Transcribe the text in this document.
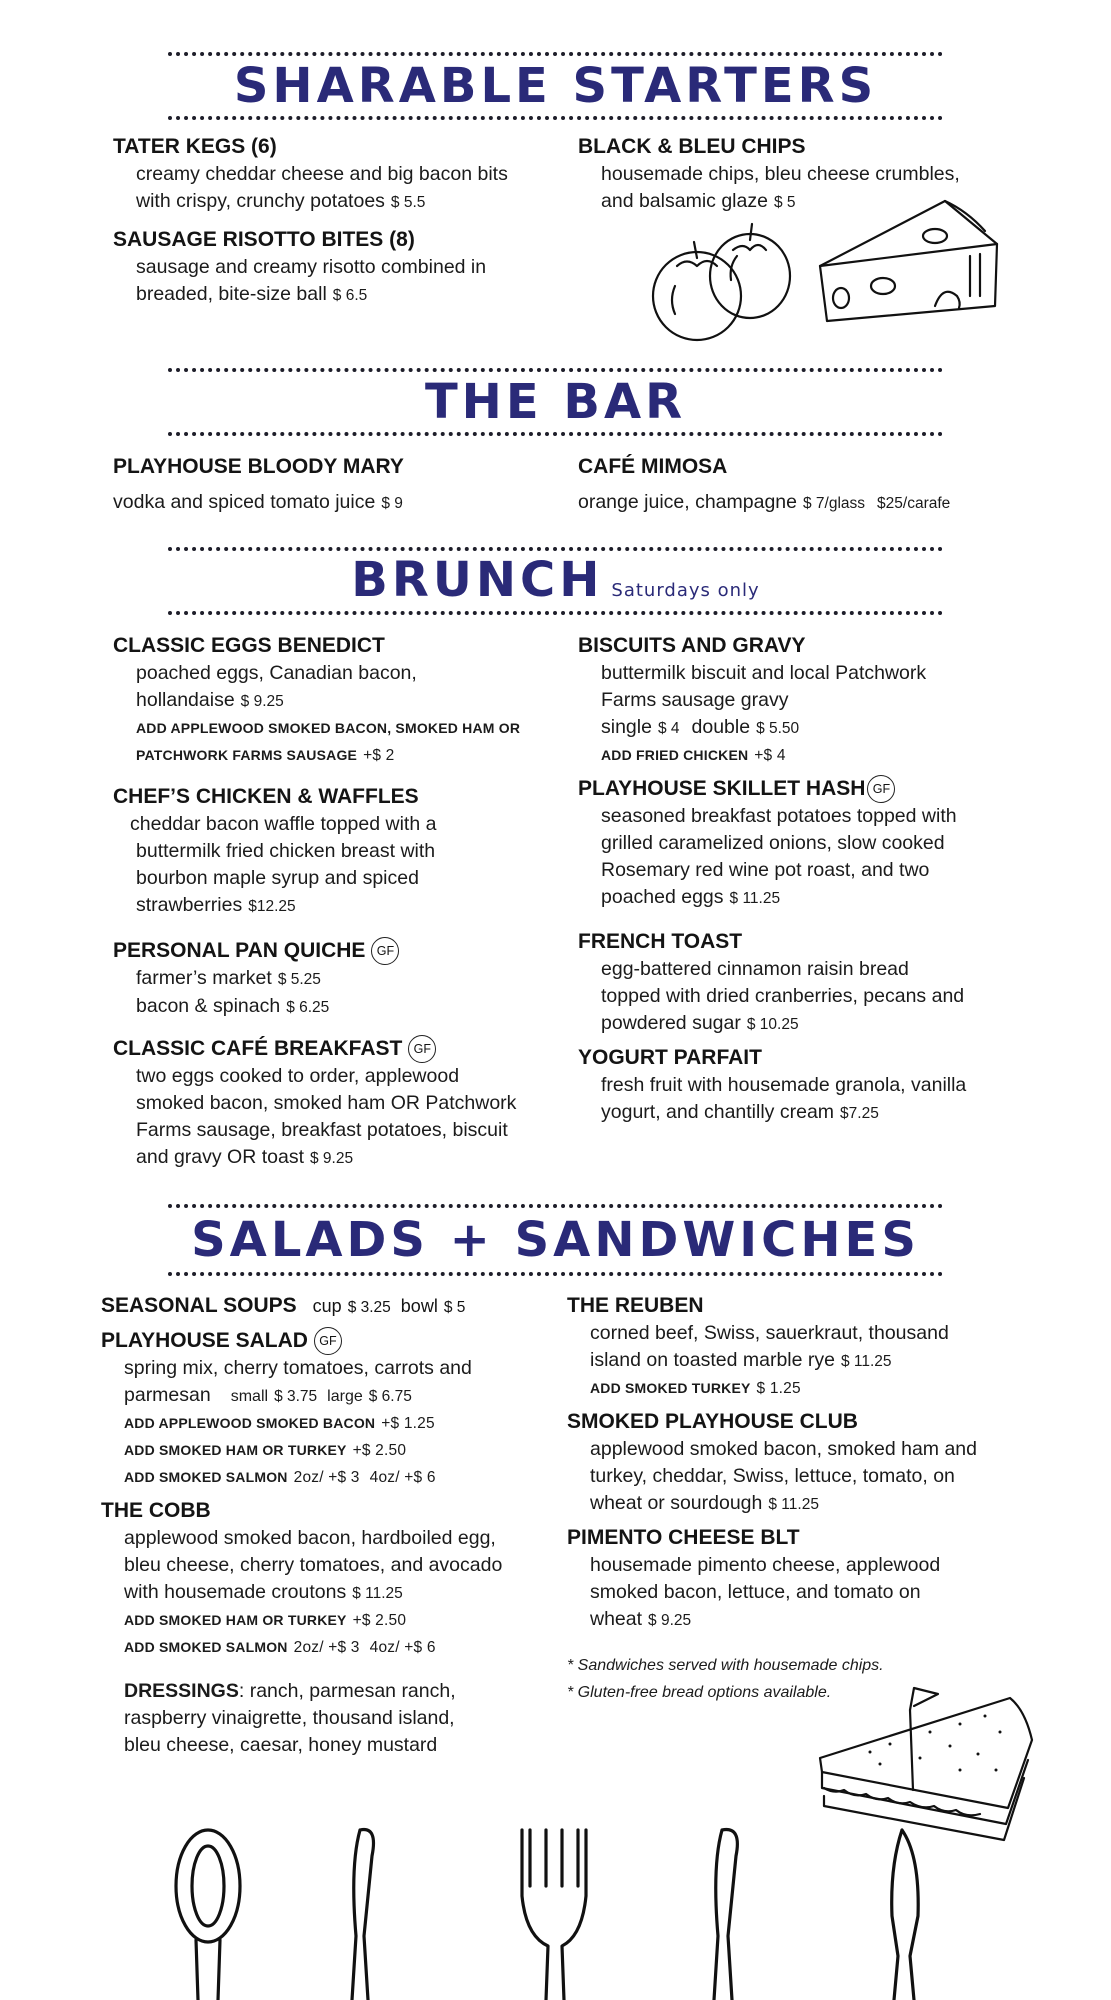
SHARABLE STARTERS
TATER KEGS (6)
creamy cheddar cheese and big bacon bits
with crispy, crunchy potatoes $ 5.5
SAUSAGE RISOTTO BITES (8)
sausage and creamy risotto combined in
breaded, bite-size ball $ 6.5
BLACK & BLEU CHIPS
housemade chips, bleu cheese crumbles,
and balsamic glaze $ 5
THE BAR
PLAYHOUSE BLOODY MARY
vodka and spiced tomato juice $ 9
CAFÉ MIMOSA
orange juice, champagne $ 7/glass $25/carafe
BRUNCH Saturdays only
CLASSIC EGGS BENEDICT
poached eggs, Canadian bacon,
hollandaise $ 9.25
ADD APPLEWOOD SMOKED BACON, SMOKED HAM OR
PATCHWORK FARMS SAUSAGE +$ 2
CHEF’S CHICKEN & WAFFLES
cheddar bacon waffle topped with a
buttermilk fried chicken breast with
bourbon maple syrup and spiced
strawberries $12.25
PERSONAL PAN QUICHE GF
farmer’s market $ 5.25
bacon & spinach $ 6.25
CLASSIC CAFÉ BREAKFAST GF
two eggs cooked to order, applewood
smoked bacon, smoked ham OR Patchwork
Farms sausage, breakfast potatoes, biscuit
and gravy OR toast $ 9.25
BISCUITS AND GRAVY
buttermilk biscuit and local Patchwork
Farms sausage gravy
single $ 4 double $ 5.50
ADD FRIED CHICKEN +$ 4
PLAYHOUSE SKILLET HASH GF
seasoned breakfast potatoes topped with
grilled caramelized onions, slow cooked
Rosemary red wine pot roast, and two
poached eggs $ 11.25
FRENCH TOAST
egg-battered cinnamon raisin bread
topped with dried cranberries, pecans and
powdered sugar $ 10.25
YOGURT PARFAIT
fresh fruit with housemade granola, vanilla
yogurt, and chantilly cream $7.25
SALADS + SANDWICHES
SEASONAL SOUPS cup $ 3.25 bowl $ 5
PLAYHOUSE SALAD GF
spring mix, cherry tomatoes, carrots and
parmesan small $ 3.75 large $ 6.75
ADD APPLEWOOD SMOKED BACON +$ 1.25
ADD SMOKED HAM OR TURKEY +$ 2.50
ADD SMOKED SALMON 2oz/ +$ 3 4oz/ +$ 6
THE COBB
applewood smoked bacon, hardboiled egg,
bleu cheese, cherry tomatoes, and avocado
with housemade croutons $ 11.25
ADD SMOKED HAM OR TURKEY +$ 2.50
ADD SMOKED SALMON 2oz/ +$ 3 4oz/ +$ 6
DRESSINGS: ranch, parmesan ranch,
raspberry vinaigrette, thousand island,
bleu cheese, caesar, honey mustard
THE REUBEN
corned beef, Swiss, sauerkraut, thousand
island on toasted marble rye $ 11.25
ADD SMOKED TURKEY $ 1.25
SMOKED PLAYHOUSE CLUB
applewood smoked bacon, smoked ham and
turkey, cheddar, Swiss, lettuce, tomato, on
wheat or sourdough $ 11.25
PIMENTO CHEESE BLT
housemade pimento cheese, applewood
smoked bacon, lettuce, and tomato on
wheat $ 9.25
* Sandwiches served with housemade chips.
* Gluten-free bread options available.
